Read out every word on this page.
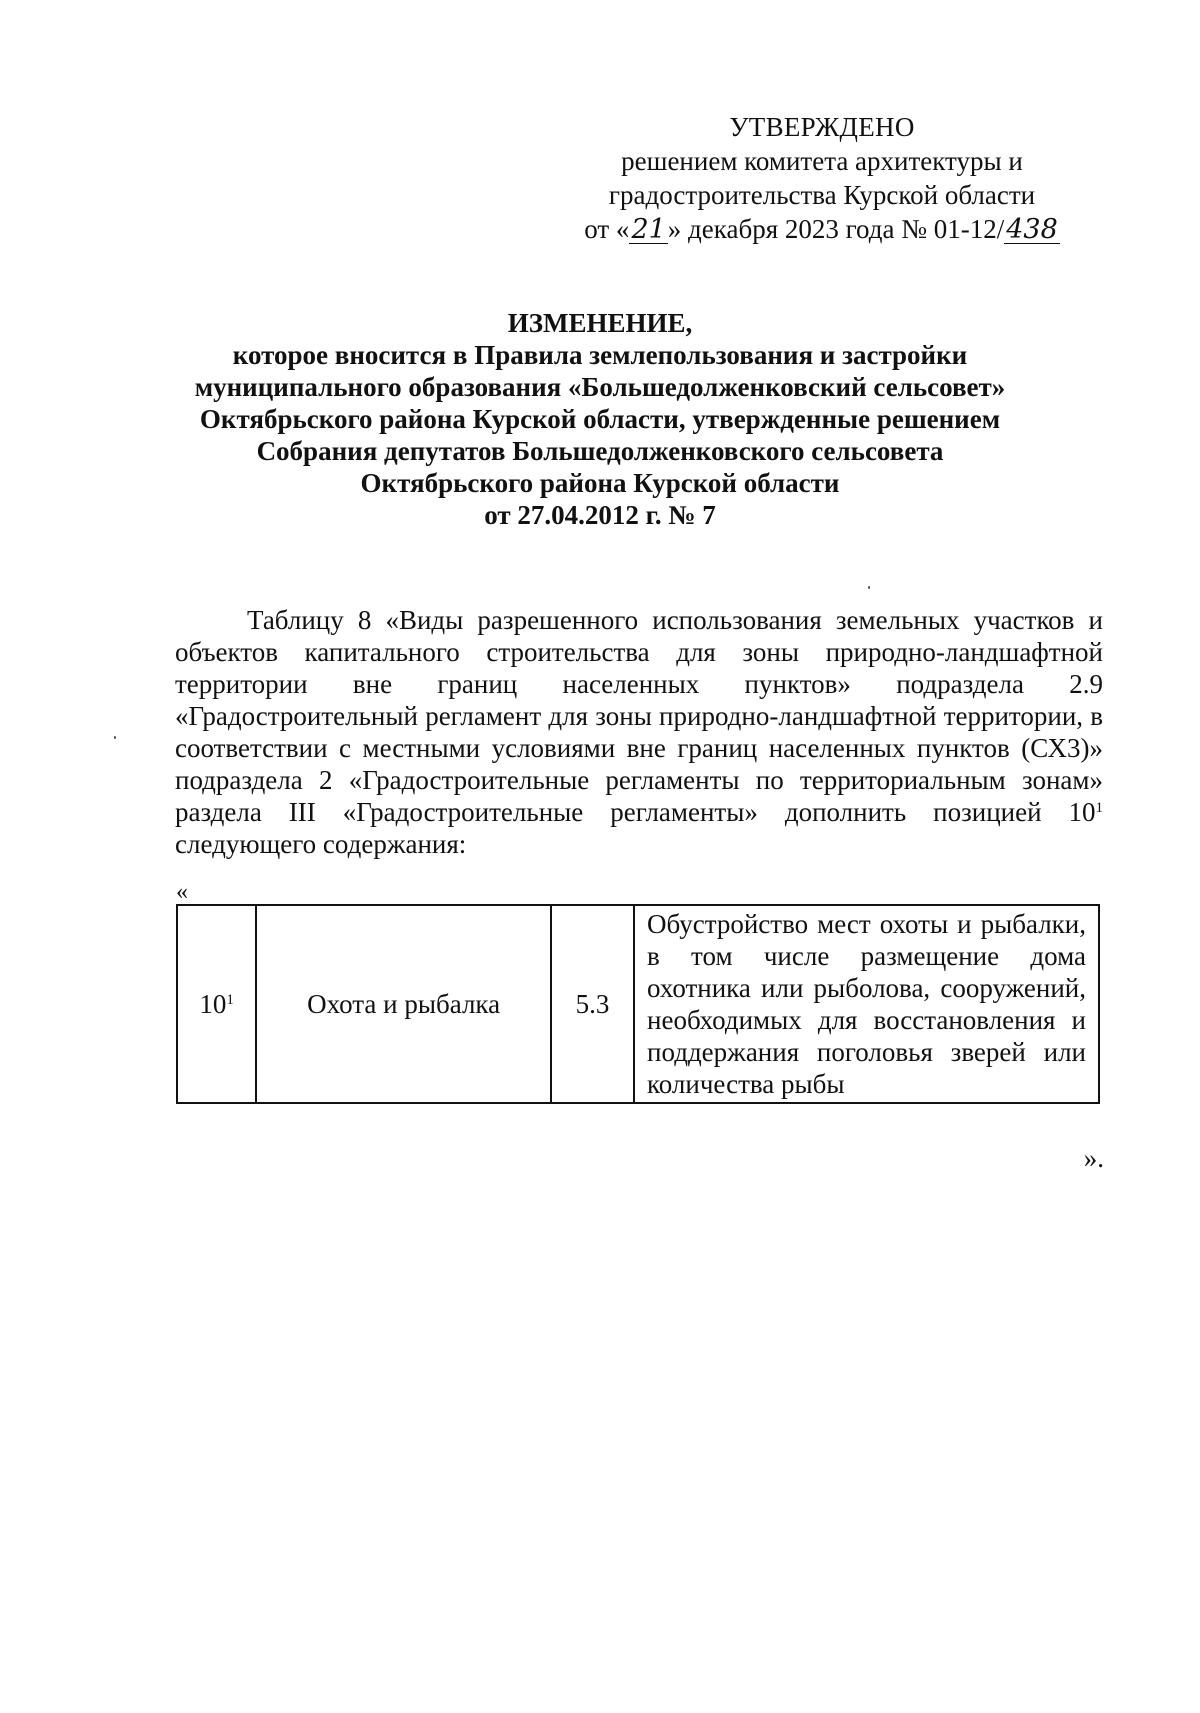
УТВЕРЖДЕНО
решением комитета архитектуры и
градостроительства Курской области
от «21» декабря 2023 года № 01-12/438
ИЗМЕНЕНИЕ,
которое вносится в Правила землепользования и застройки
муниципального образования «Большедолженковский сельсовет»
Октябрьского района Курской области, утвержденные решением
Собрания депутатов Большедолженковского сельсовета
Октябрьского района Курской области
от 27.04.2012 г. № 7
Таблицу 8 «Виды разрешенного использования земельных участков и объектов капитального строительства для зоны природно-ландшафтной территории вне границ населенных пунктов» подраздела 2.9 «Градостроительный регламент для зоны природно-ландшафтной территории, в соответствии с местными условиями вне границ населенных пунктов (СХ3)» подраздела 2 «Градостроительные регламенты по территориальным зонам» раздела III «Градостроительные регламенты» дополнить позицией $10^1$ следующего содержания:
«
$10^1$	Охота и рыбалка	5.3	Обустройство мест охоты и рыбалки, в том числе размещение дома охотника или рыболова, сооружений, необходимых для восстановления и поддержания поголовья зверей или количества рыбы
».
